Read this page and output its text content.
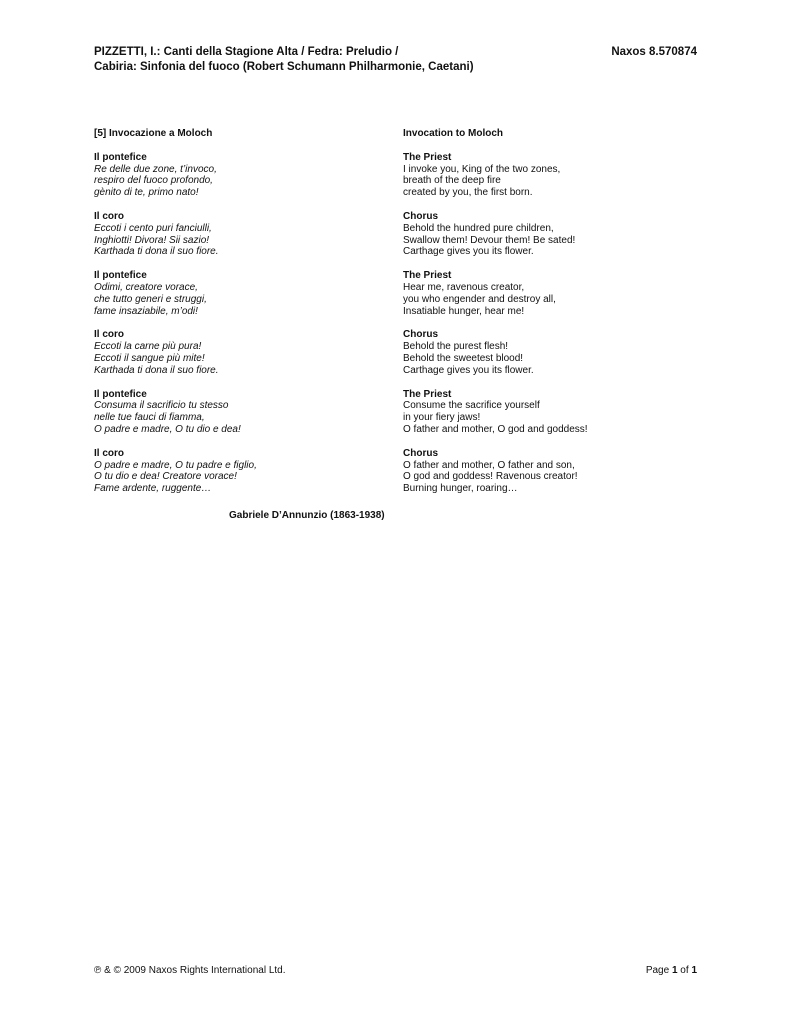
PIZZETTI, I.: Canti della Stagione Alta / Fedra: Preludio /
Cabiria: Sinfonia del fuoco (Robert Schumann Philharmonie, Caetani)
Naxos 8.570874
[5] Invocazione a Moloch
Il pontefice
Re delle due zone, t’invoco,
respiro del fuoco profondo,
gènito di te, primo nato!
Il coro
Eccoti i cento puri fanciulli,
Inghiotti! Divora! Sii sazio!
Karthada ti dona il suo fiore.
Il pontefice
Odimi, creatore vorace,
che tutto generi e struggi,
fame insaziabile, m’odi!
Il coro
Eccoti la carne più pura!
Eccoti il sangue più mite!
Karthada ti dona il suo fiore.
Il pontefice
Consuma il sacrificio tu stesso
nelle tue fauci di fiamma,
O padre e madre, O tu dio e dea!
Il coro
O padre e madre, O tu padre e figlio,
O tu dio e dea! Creatore vorace!
Fame ardente, ruggente…
Invocation to Moloch
The Priest
I invoke you, King of the two zones,
breath of the deep fire
created by you, the first born.
Chorus
Behold the hundred pure children,
Swallow them! Devour them! Be sated!
Carthage gives you its flower.
The Priest
Hear me, ravenous creator,
you who engender and destroy all,
Insatiable hunger, hear me!
Chorus
Behold the purest flesh!
Behold the sweetest blood!
Carthage gives you its flower.
The Priest
Consume the sacrifice yourself
in your fiery jaws!
O father and mother, O god and goddess!
Chorus
O father and mother, O father and son,
O god and goddess! Ravenous creator!
Burning hunger, roaring…
Gabriele D’Annunzio (1863-1938)
℗ & © 2009 Naxos Rights International Ltd.	Page 1 of 1
